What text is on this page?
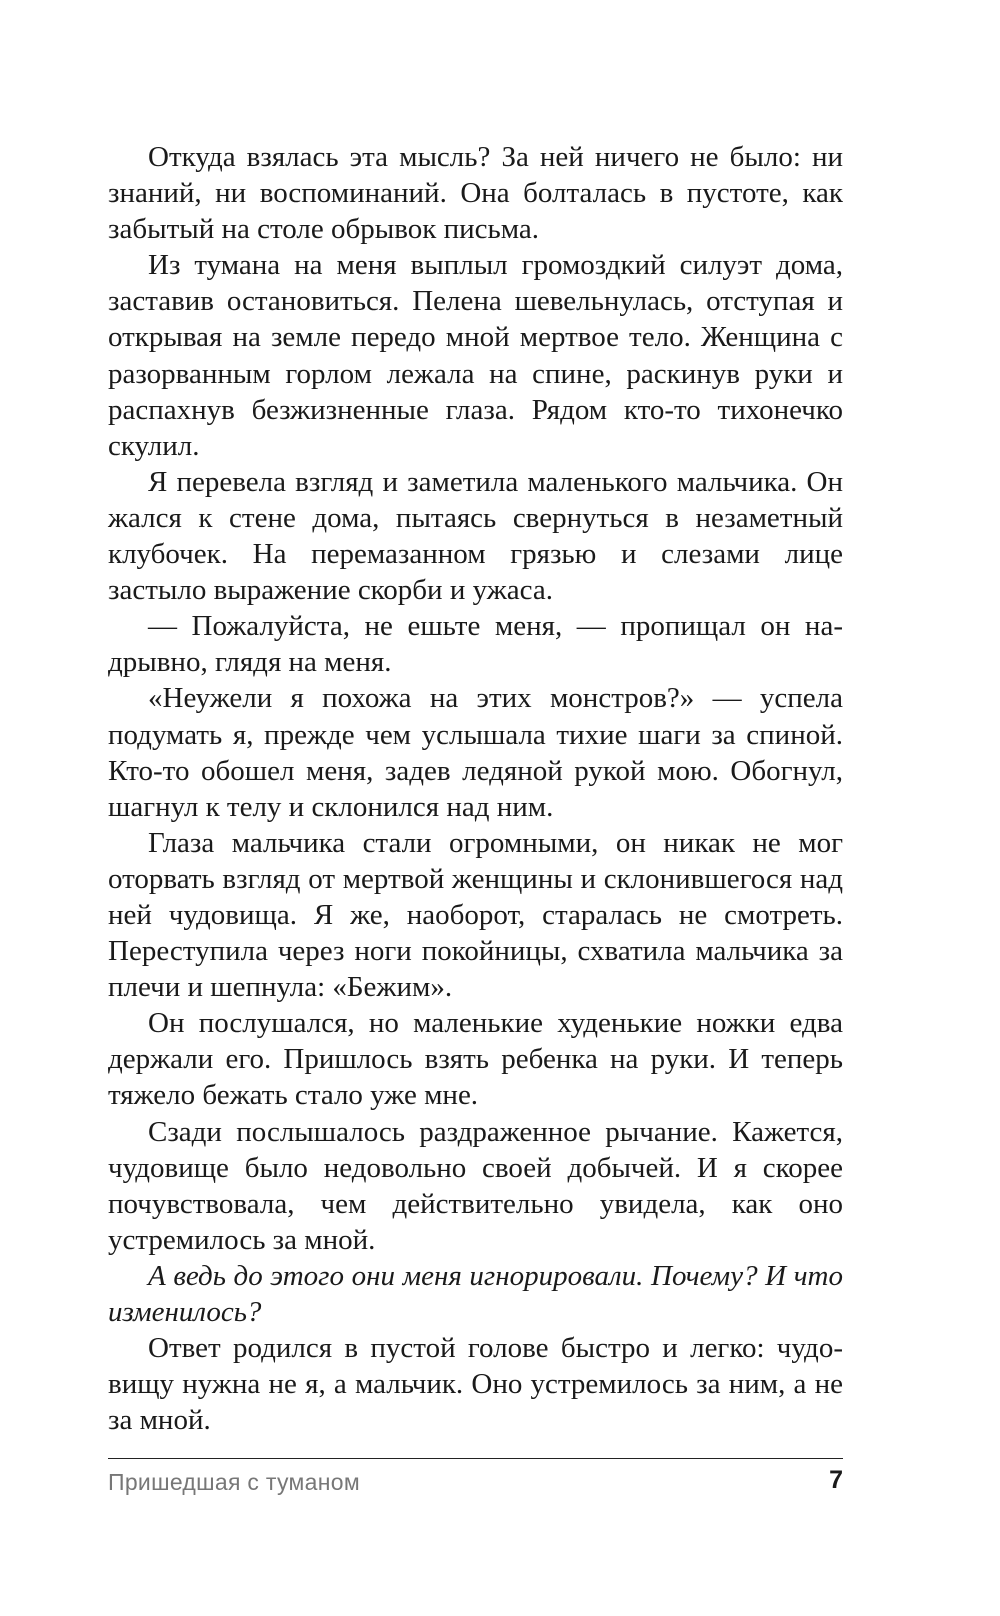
Откуда взялась эта мысль? За ней ничего не было: ни знаний, ни воспоминаний. Она болталась в пустоте, как забытый на столе обрывок письма.

Из тумана на меня выплыл громоздкий силуэт дома, заставив остановиться. Пелена шевельнулась, отступая и открывая на земле передо мной мертвое тело. Женщина с разорванным горлом лежала на спине, раскинув руки и распахнув безжизненные глаза. Рядом кто-то тихонечко скулил.

Я перевела взгляд и заметила маленького мальчика. Он жался к стене дома, пытаясь свернуться в незаметный клубочек. На перемазанном грязью и слезами лице застыло выражение скорби и ужаса.

— Пожалуйста, не ешьте меня, — пропищал он надрывно, глядя на меня.

«Неужели я похожа на этих монстров?» — успела подумать я, прежде чем услышала тихие шаги за спиной. Кто-то обошел меня, задев ледяной рукой мою. Обогнул, шагнул к телу и склонился над ним.

Глаза мальчика стали огромными, он никак не мог оторвать взгляд от мертвой женщины и склонившегося над ней чудовища. Я же, наоборот, старалась не смотреть. Переступила через ноги покойницы, схватила мальчика за плечи и шепнула: «Бежим».

Он послушался, но маленькие худенькие ножки едва держали его. Пришлось взять ребенка на руки. И теперь тяжело бежать стало уже мне.

Сзади послышалось раздраженное рычание. Кажется, чудовище было недовольно своей добычей. И я скорее почувствовала, чем действительно увидела, как оно устремилось за мной.

А ведь до этого они меня игнорировали. Почему? И что изменилось?

Ответ родился в пустой голове быстро и легко: чудовищу нужна не я, а мальчик. Оно устремилось за ним, а не за мной.

Пришедшая с туманом	7
